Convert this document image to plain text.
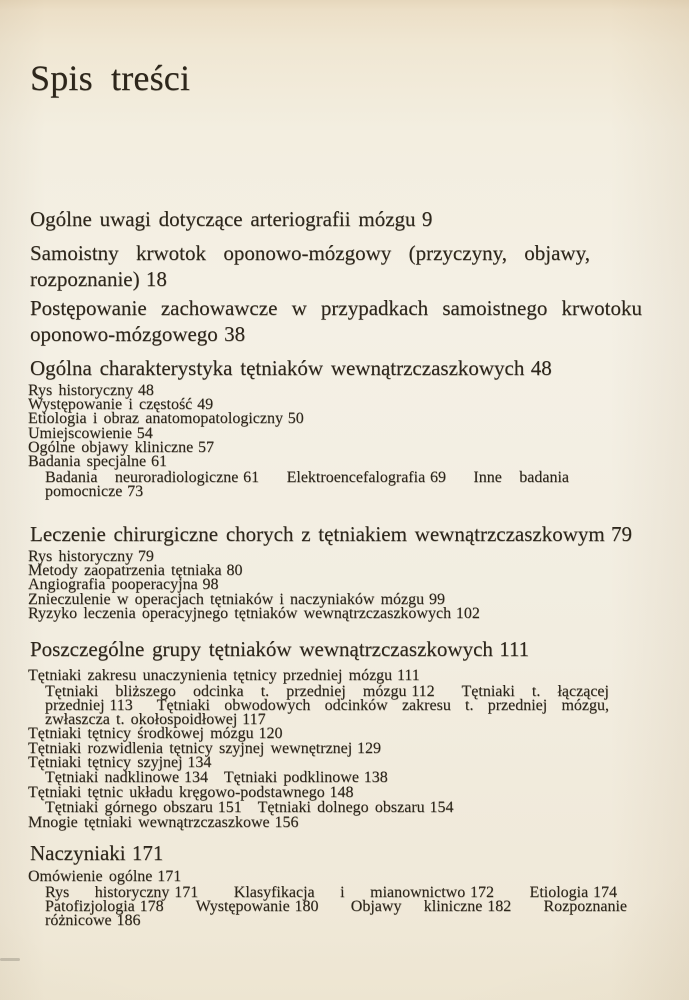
Spis treści

Ogólne uwagi dotyczące arteriografii mózgu 9

Samoistny krwotok oponowo-mózgowy (przyczyny, objawy, rozpoznanie) 18

Postępowanie zachowawcze w przypadkach samoistnego krwotoku oponowo-mózgowego 38

Ogólna charakterystyka tętniaków wewnątrzczaszkowych 48

Rys historyczny 48

Występowanie i częstość 49

Etiologia i obraz anatomopatologiczny 50

Umiejscowienie 54

Ogólne objawy kliniczne 57

Badania specjalne 61

Badania neuroradiologiczne 61 Elektroencefalografia 69 Inne badania pomocnicze 73

Leczenie chirurgiczne chorych z tętniakiem wewnątrzczaszkowym 79

Rys historyczny 79

Metody zaopatrzenia tętniaka 80

Angiografia pooperacyjna 98

Znieczulenie w operacjach tętniaków i naczyniaków mózgu 99

Ryzyko leczenia operacyjnego tętniaków wewnątrzczaszkowych 102

Poszczególne grupy tętniaków wewnątrzczaszkowych 111

Tętniaki zakresu unaczynienia tętnicy przedniej mózgu 111

Tętniaki bliższego odcinka t. przedniej mózgu 112 Tętniaki t. łączącej przedniej 113 Tętniaki obwodowych odcinków zakresu t. przedniej mózgu, zwłaszcza t. okołospoidłowej 117

Tętniaki tętnicy środkowej mózgu 120

Tętniaki rozwidlenia tętnicy szyjnej wewnętrznej 129

Tętniaki tętnicy szyjnej 134

Tętniaki nadklinowe 134 Tętniaki podklinowe 138

Tętniaki tętnic układu kręgowo-podstawnego 148

Tętniaki górnego obszaru 151 Tętniaki dolnego obszaru 154

Mnogie tętniaki wewnątrzczaszkowe 156

Naczyniaki 171

Omówienie ogólne 171

Rys historyczny 171 Klasyfikacja i mianownictwo 172 Etiologia 174 Patofizjologia 178 Występowanie 180 Objawy kliniczne 182 Rozpoznanie różnicowe 186
